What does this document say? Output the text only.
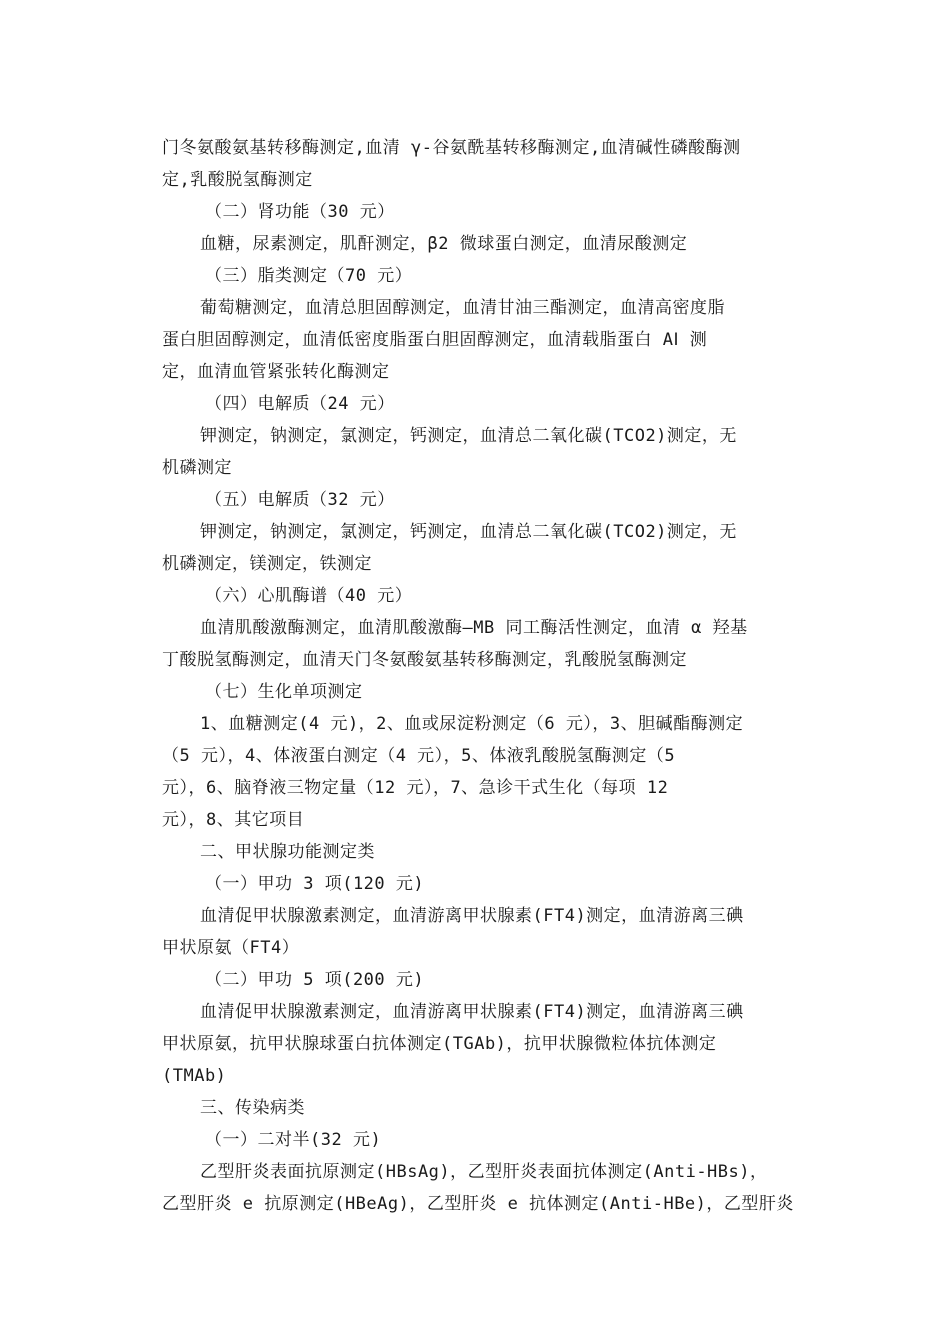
门冬氨酸氨基转移酶测定,血清 γ-谷氨酰基转移酶测定,血清碱性磷酸酶测
定,乳酸脱氢酶测定
（二）肾功能（30 元）
血糖，尿素测定，肌酐测定，β2 微球蛋白测定，血清尿酸测定
（三）脂类测定（70 元）
葡萄糖测定，血清总胆固醇测定，血清甘油三酯测定，血清高密度脂
蛋白胆固醇测定，血清低密度脂蛋白胆固醇测定，血清载脂蛋白 AⅠ 测
定，血清血管紧张转化酶测定
（四）电解质（24 元）
钾测定，钠测定，氯测定，钙测定，血清总二氧化碳(TCO2)测定，无
机磷测定
（五）电解质（32 元）
钾测定，钠测定，氯测定，钙测定，血清总二氧化碳(TCO2)测定，无
机磷测定，镁测定，铁测定
（六）心肌酶谱（40 元）
血清肌酸激酶测定，血清肌酸激酶—MB 同工酶活性测定，血清 α 羟基
丁酸脱氢酶测定，血清天门冬氨酸氨基转移酶测定，乳酸脱氢酶测定
（七）生化单项测定
1、血糖测定(4 元)，2、血或尿淀粉测定（6 元），3、胆碱酯酶测定
（5 元），4、体液蛋白测定（4 元），5、体液乳酸脱氢酶测定（5
元），6、脑脊液三物定量（12 元），7、急诊干式生化（每项 12
元），8、其它项目
二、甲状腺功能测定类
（一）甲功 3 项(120 元)
血清促甲状腺激素测定，血清游离甲状腺素(FT4)测定，血清游离三碘
甲状原氨（FT4）
（二）甲功 5 项(200 元)
血清促甲状腺激素测定，血清游离甲状腺素(FT4)测定，血清游离三碘
甲状原氨，抗甲状腺球蛋白抗体测定(TGAb)，抗甲状腺微粒体抗体测定
(TMAb)
三、传染病类
（一）二对半(32 元)
乙型肝炎表面抗原测定(HBsAg)，乙型肝炎表面抗体测定(Anti-HBs)，
乙型肝炎 e 抗原测定(HBeAg)，乙型肝炎 e 抗体测定(Anti-HBe)，乙型肝炎
